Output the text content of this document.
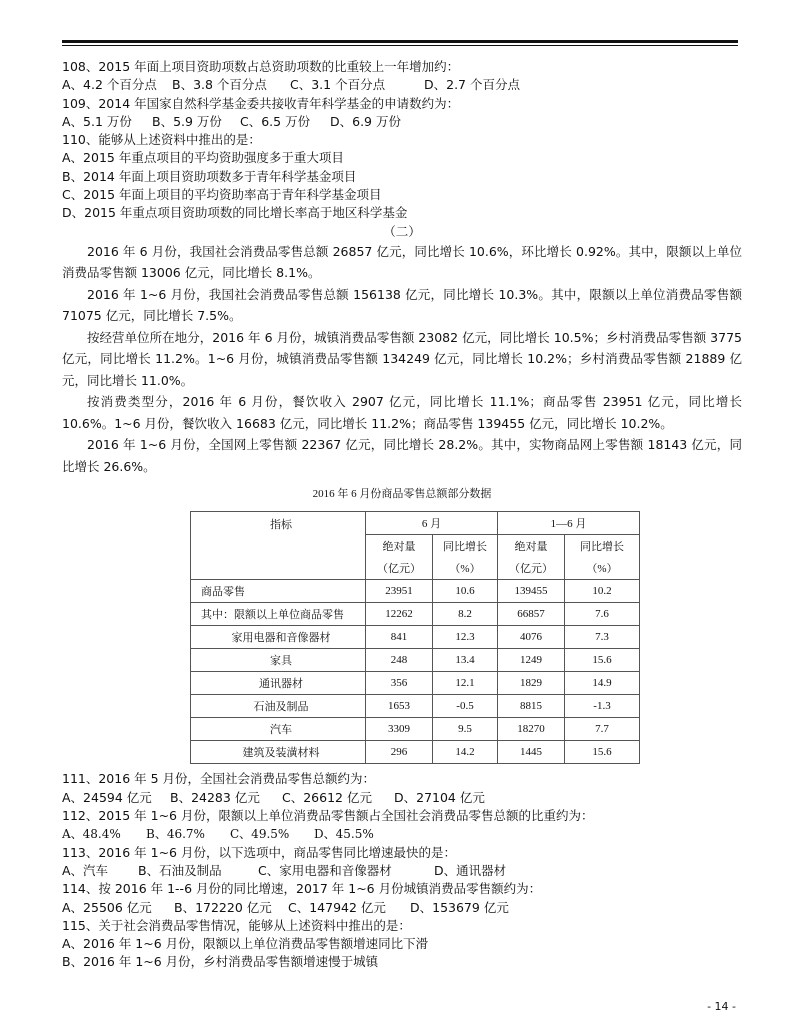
108、2015 年面上项目资助项数占总资助项数的比重较上一年增加约：
A、4.2 个百分点 B、3.8 个百分点 C、3.1 个百分点	D、2.7 个百分点
109、2014 年国家自然科学基金委共接收青年科学基金的申请数约为：
A、5.1 万份 B、5.9 万份 C、6.5 万份 D、6.9 万份
110、能够从上述资料中推出的是：
A、2015 年重点项目的平均资助强度多于重大项目
B、2014 年面上项目资助项数多于青年科学基金项目
C、2015 年面上项目的平均资助率高于青年科学基金项目
D、2015 年重点项目资助项数的同比增长率高于地区科学基金
（二）
2016 年 6 月份，我国社会消费品零售总额 26857 亿元，同比增长 10.6%，环比增长 0.92%。其中，限额以上单位消费品零售额 13006 亿元，同比增长 8.1%。
2016 年 1~6 月份，我国社会消费品零售总额 156138 亿元，同比增长 10.3%。其中，限额以上单位消费品零售额 71075 亿元，同比增长 7.5%。
按经营单位所在地分，2016 年 6 月份，城镇消费品零售额 23082 亿元，同比增长 10.5%；乡村消费品零售额 3775 亿元，同比增长 11.2%。1~6 月份，城镇消费品零售额 134249 亿元，同比增长 10.2%；乡村消费品零售额 21889 亿元，同比增长 11.0%。
按消费类型分，2016 年 6 月份，餐饮收入 2907 亿元，同比增长 11.1%；商品零售 23951 亿元，同比增长 10.6%。1~6 月份，餐饮收入 16683 亿元，同比增长 11.2%；商品零售 139455 亿元，同比增长 10.2%。
2016 年 1~6 月份，全国网上零售额 22367 亿元，同比增长 28.2%。其中，实物商品网上零售额 18143 亿元，同比增长 26.6%。
2016 年 6 月份商品零售总额部分数据
指标	6 月		1—6 月	
	绝对量	同比增长	绝对量	同比增长
	（亿元）	（%）	（亿元）	（%）
商品零售	23951	10.6	139455	10.2
其中：限额以上单位商品零售	12262	8.2	66857	7.6
家用电器和音像器材	841	12.3	4076	7.3
家具	248	13.4	1249	15.6
通讯器材	356	12.1	1829	14.9
石油及制品	1653	-0.5	8815	-1.3
汽车	3309	9.5	18270	7.7
建筑及装潢材料	296	14.2	1445	15.6
111、2016 年 5 月份，全国社会消费品零售总额约为：
A、24594 亿元 B、24283 亿元 C、26612 亿元 D、27104 亿元
112、2015 年 1~6 月份，限额以上单位消费品零售额占全国社会消费品零售总额的比重约为：
A、48.4% B、46.7% C、49.5% D、45.5%
113、2016 年 1~6 月份，以下选项中，商品零售同比增速最快的是：
A、汽车 B、石油及制品	C、家用电器和音像器材	D、通讯器材
114、按 2016 年 1--6 月份的同比增速，2017 年 1~6 月份城镇消费品零售额约为：
A、25506 亿元 B、172220 亿元 C、147942 亿元 D、153679 亿元
115、关于社会消费品零售情况，能够从上述资料中推出的是：
A、2016 年 1~6 月份，限额以上单位消费品零售额增速同比下滑
B、2016 年 1~6 月份，乡村消费品零售额增速慢于城镇
- 14 -
